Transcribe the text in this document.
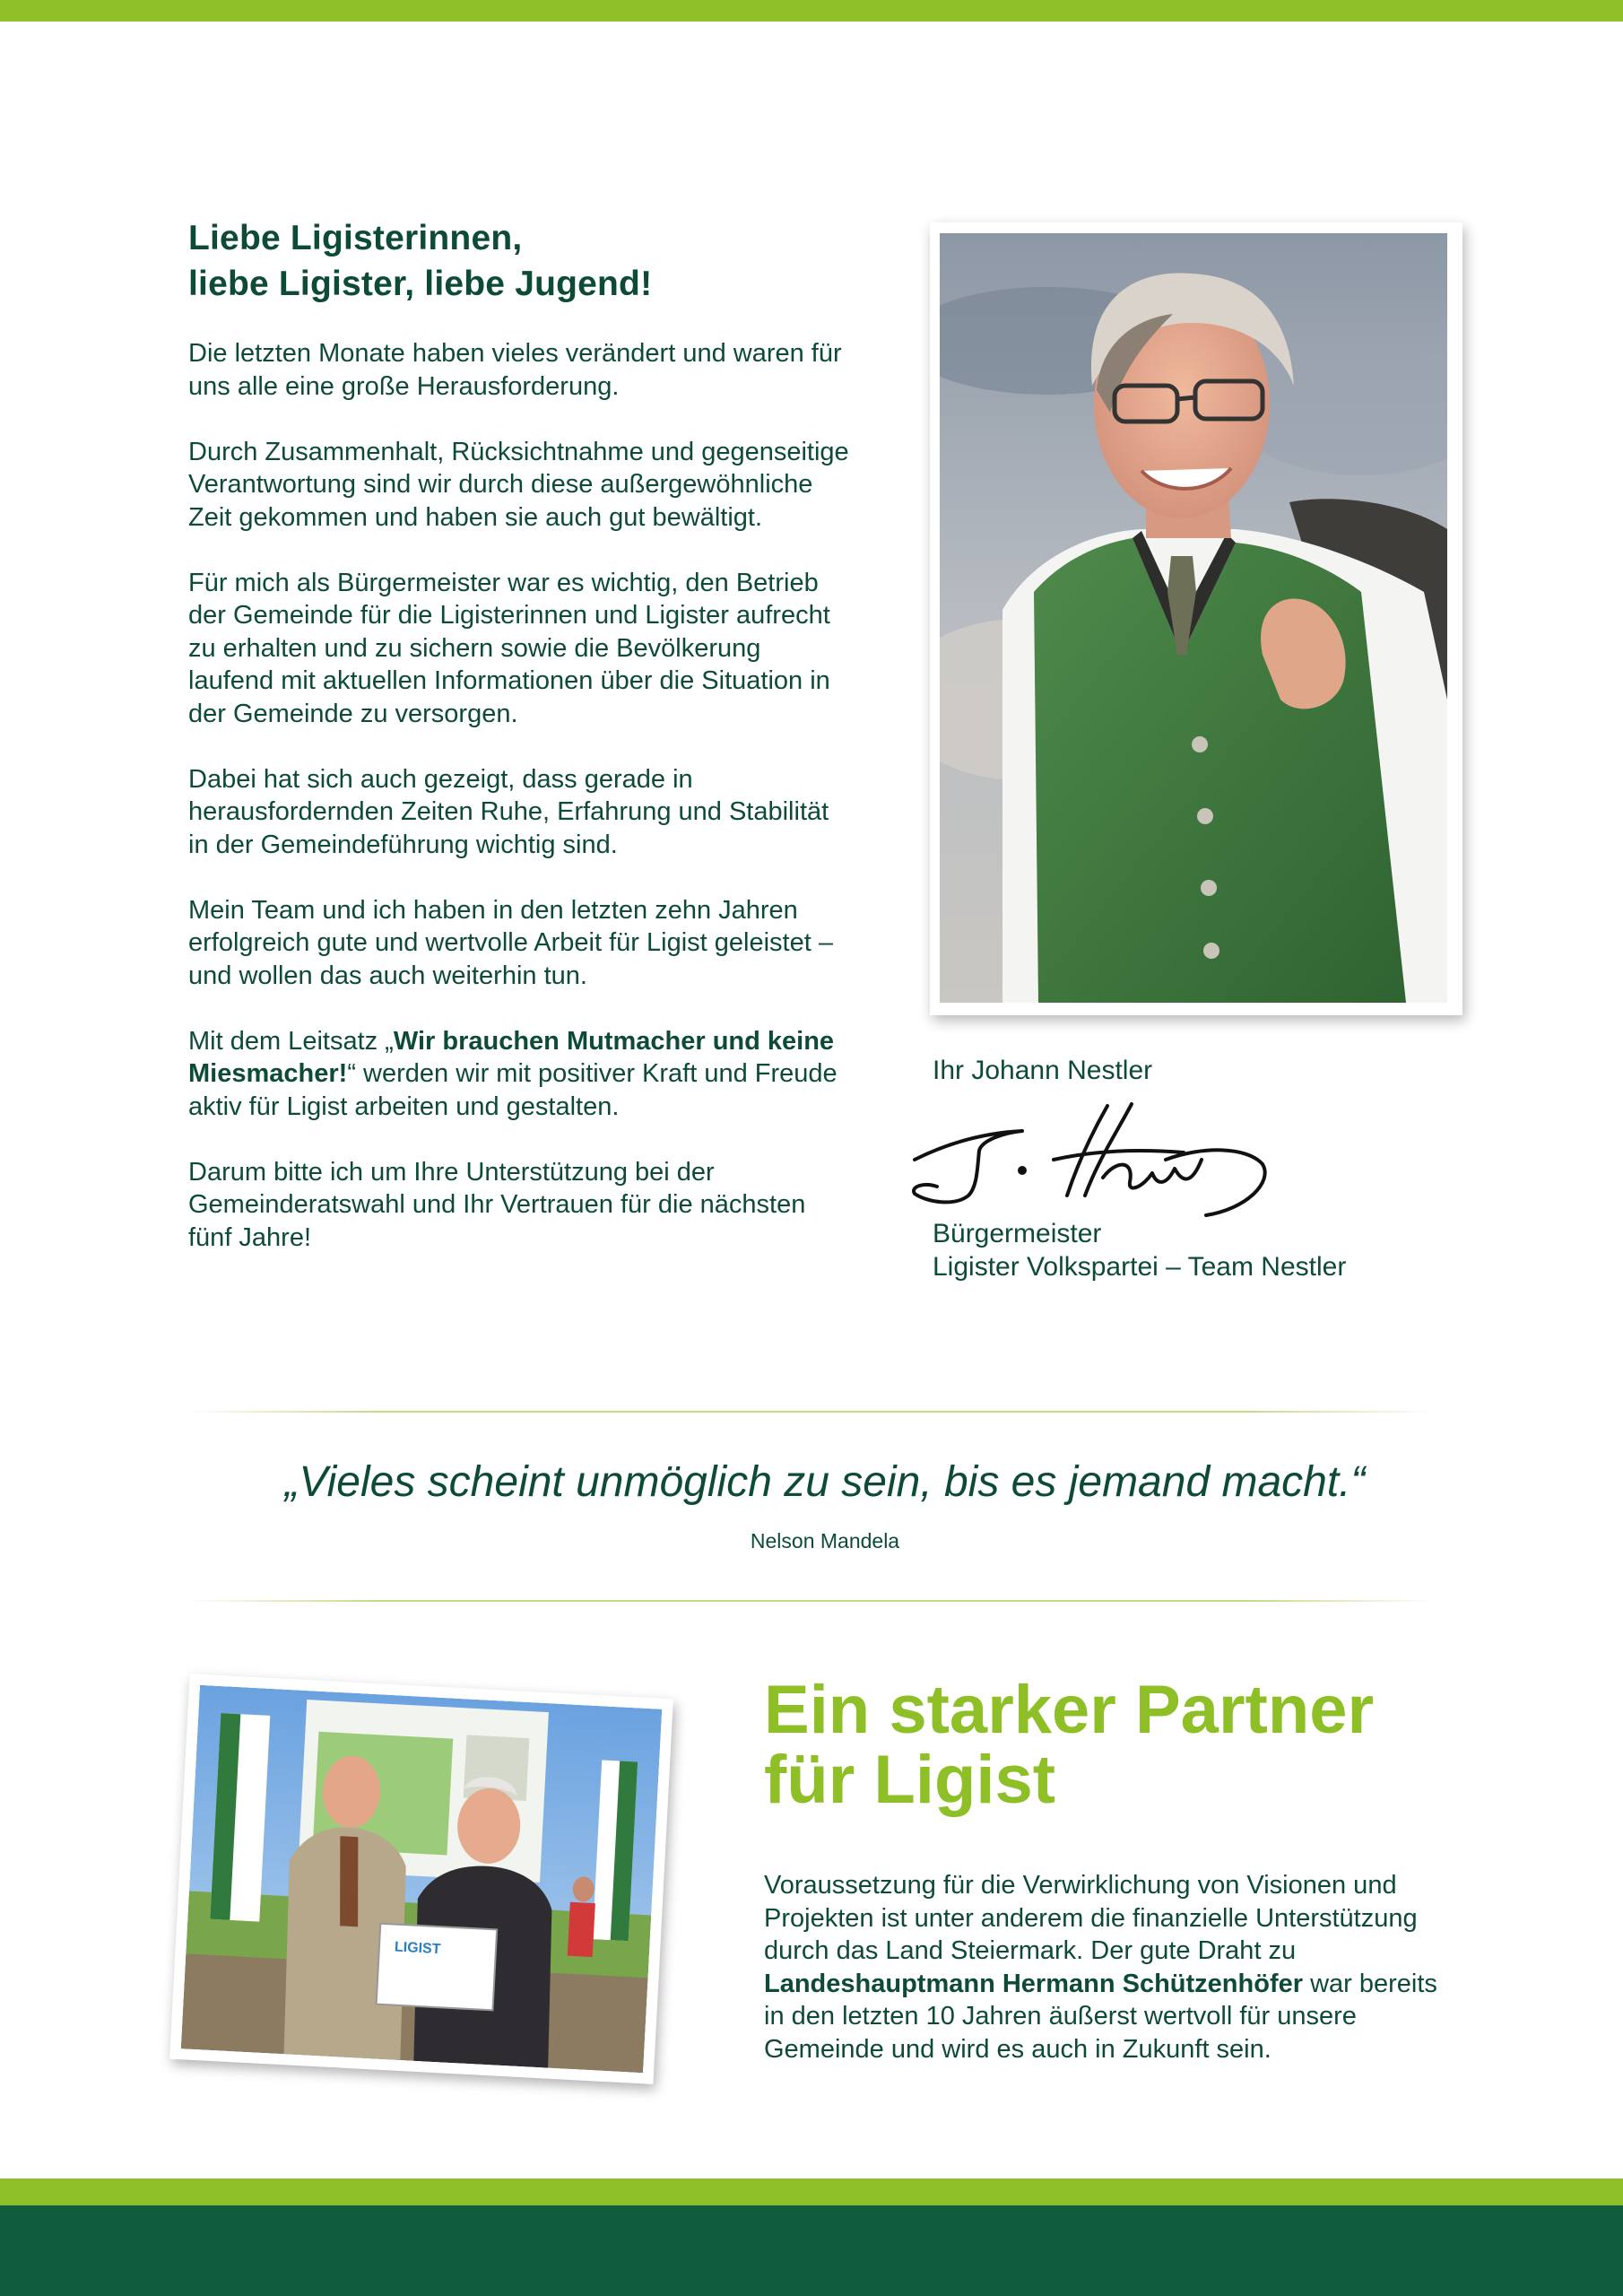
Liebe Ligisterinnen,
liebe Ligister, liebe Jugend!

Die letzten Monate haben vieles verändert und waren für uns alle eine große Herausforderung.

Durch Zusammenhalt, Rücksichtnahme und gegenseitige Verantwortung sind wir durch diese außergewöhnliche Zeit gekommen und haben sie auch gut bewältigt.

Für mich als Bürgermeister war es wichtig, den Betrieb der Gemeinde für die Ligisterinnen und Ligister aufrecht zu erhalten und zu sichern sowie die Bevölkerung laufend mit aktuellen Informationen über die Situation in der Gemeinde zu versorgen.

Dabei hat sich auch gezeigt, dass gerade in herausfordernden Zeiten Ruhe, Erfahrung und Stabilität in der Gemeindeführung wichtig sind.

Mein Team und ich haben in den letzten zehn Jahren erfolgreich gute und wertvolle Arbeit für Ligist geleistet – und wollen das auch weiterhin tun.

Mit dem Leitsatz „Wir brauchen Mutmacher und keine Miesmacher!“ werden wir mit positiver Kraft und Freude aktiv für Ligist arbeiten und gestalten.

Darum bitte ich um Ihre Unterstützung bei der Gemeinderatswahl und Ihr Vertrauen für die nächsten fünf Jahre!

Ihr Johann Nestler
Bürgermeister
Ligister Volkspartei – Team Nestler
„Vieles scheint unmöglich zu sein, bis es jemand macht.“
Nelson Mandela
LIGIST
Ein starker Partner
für Ligist

Voraussetzung für die Verwirklichung von Visionen und Projekten ist unter anderem die finanzielle Unterstützung durch das Land Steiermark. Der gute Draht zu Landeshauptmann Hermann Schützenhöfer war bereits in den letzten 10 Jahren äußerst wertvoll für unsere Gemeinde und wird es auch in Zukunft sein.
